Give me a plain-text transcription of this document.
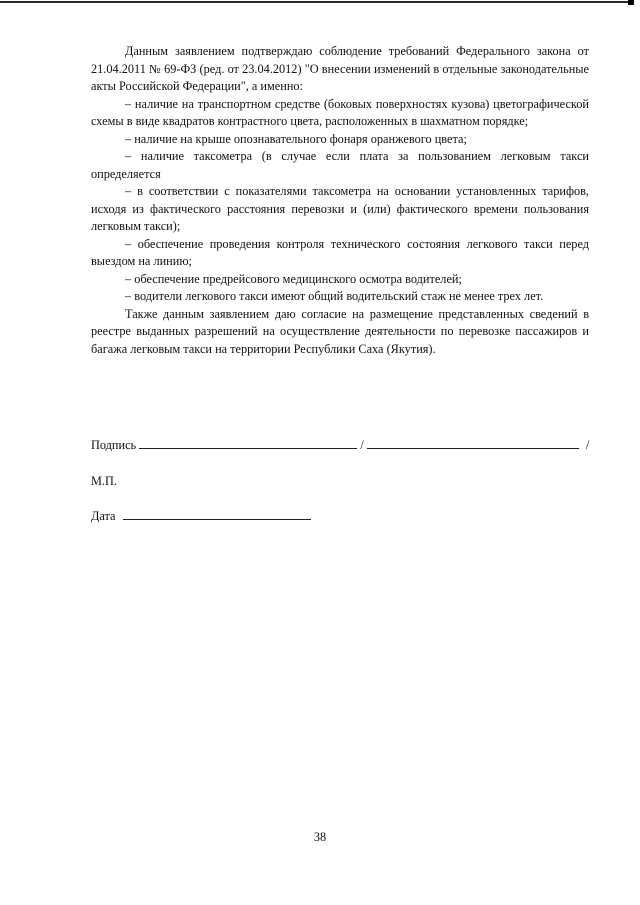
Данным заявлением подтверждаю соблюдение требований Федерального закона от 21.04.2011 № 69-ФЗ (ред. от 23.04.2012) "О внесении изменений в отдельные законодательные акты Российской Федерации", а именно:

– наличие на транспортном средстве (боковых поверхностях кузова) цветографической схемы в виде квадратов контрастного цвета, расположенных в шахматном порядке;

– наличие на крыше опознавательного фонаря оранжевого цвета;

– наличие таксометра (в случае если плата за пользованием легковым такси определяется

– в соответствии с показателями таксометра на основании установленных тарифов, исходя из фактического расстояния перевозки и (или) фактического времени пользования легковым такси);

– обеспечение проведения контроля технического состояния легкового такси перед выездом на линию;

– обеспечение предрейсового медицинского осмотра водителей;

– водители легкового такси имеют общий водительский стаж не менее трех лет.

Также данным заявлением даю согласие на размещение представленных сведений в реестре выданных разрешений на осуществление деятельности по перевозке пассажиров и багажа легковым такси на территории Республики Саха (Якутия).

Подпись	/	/
М.П.
Дата
38
